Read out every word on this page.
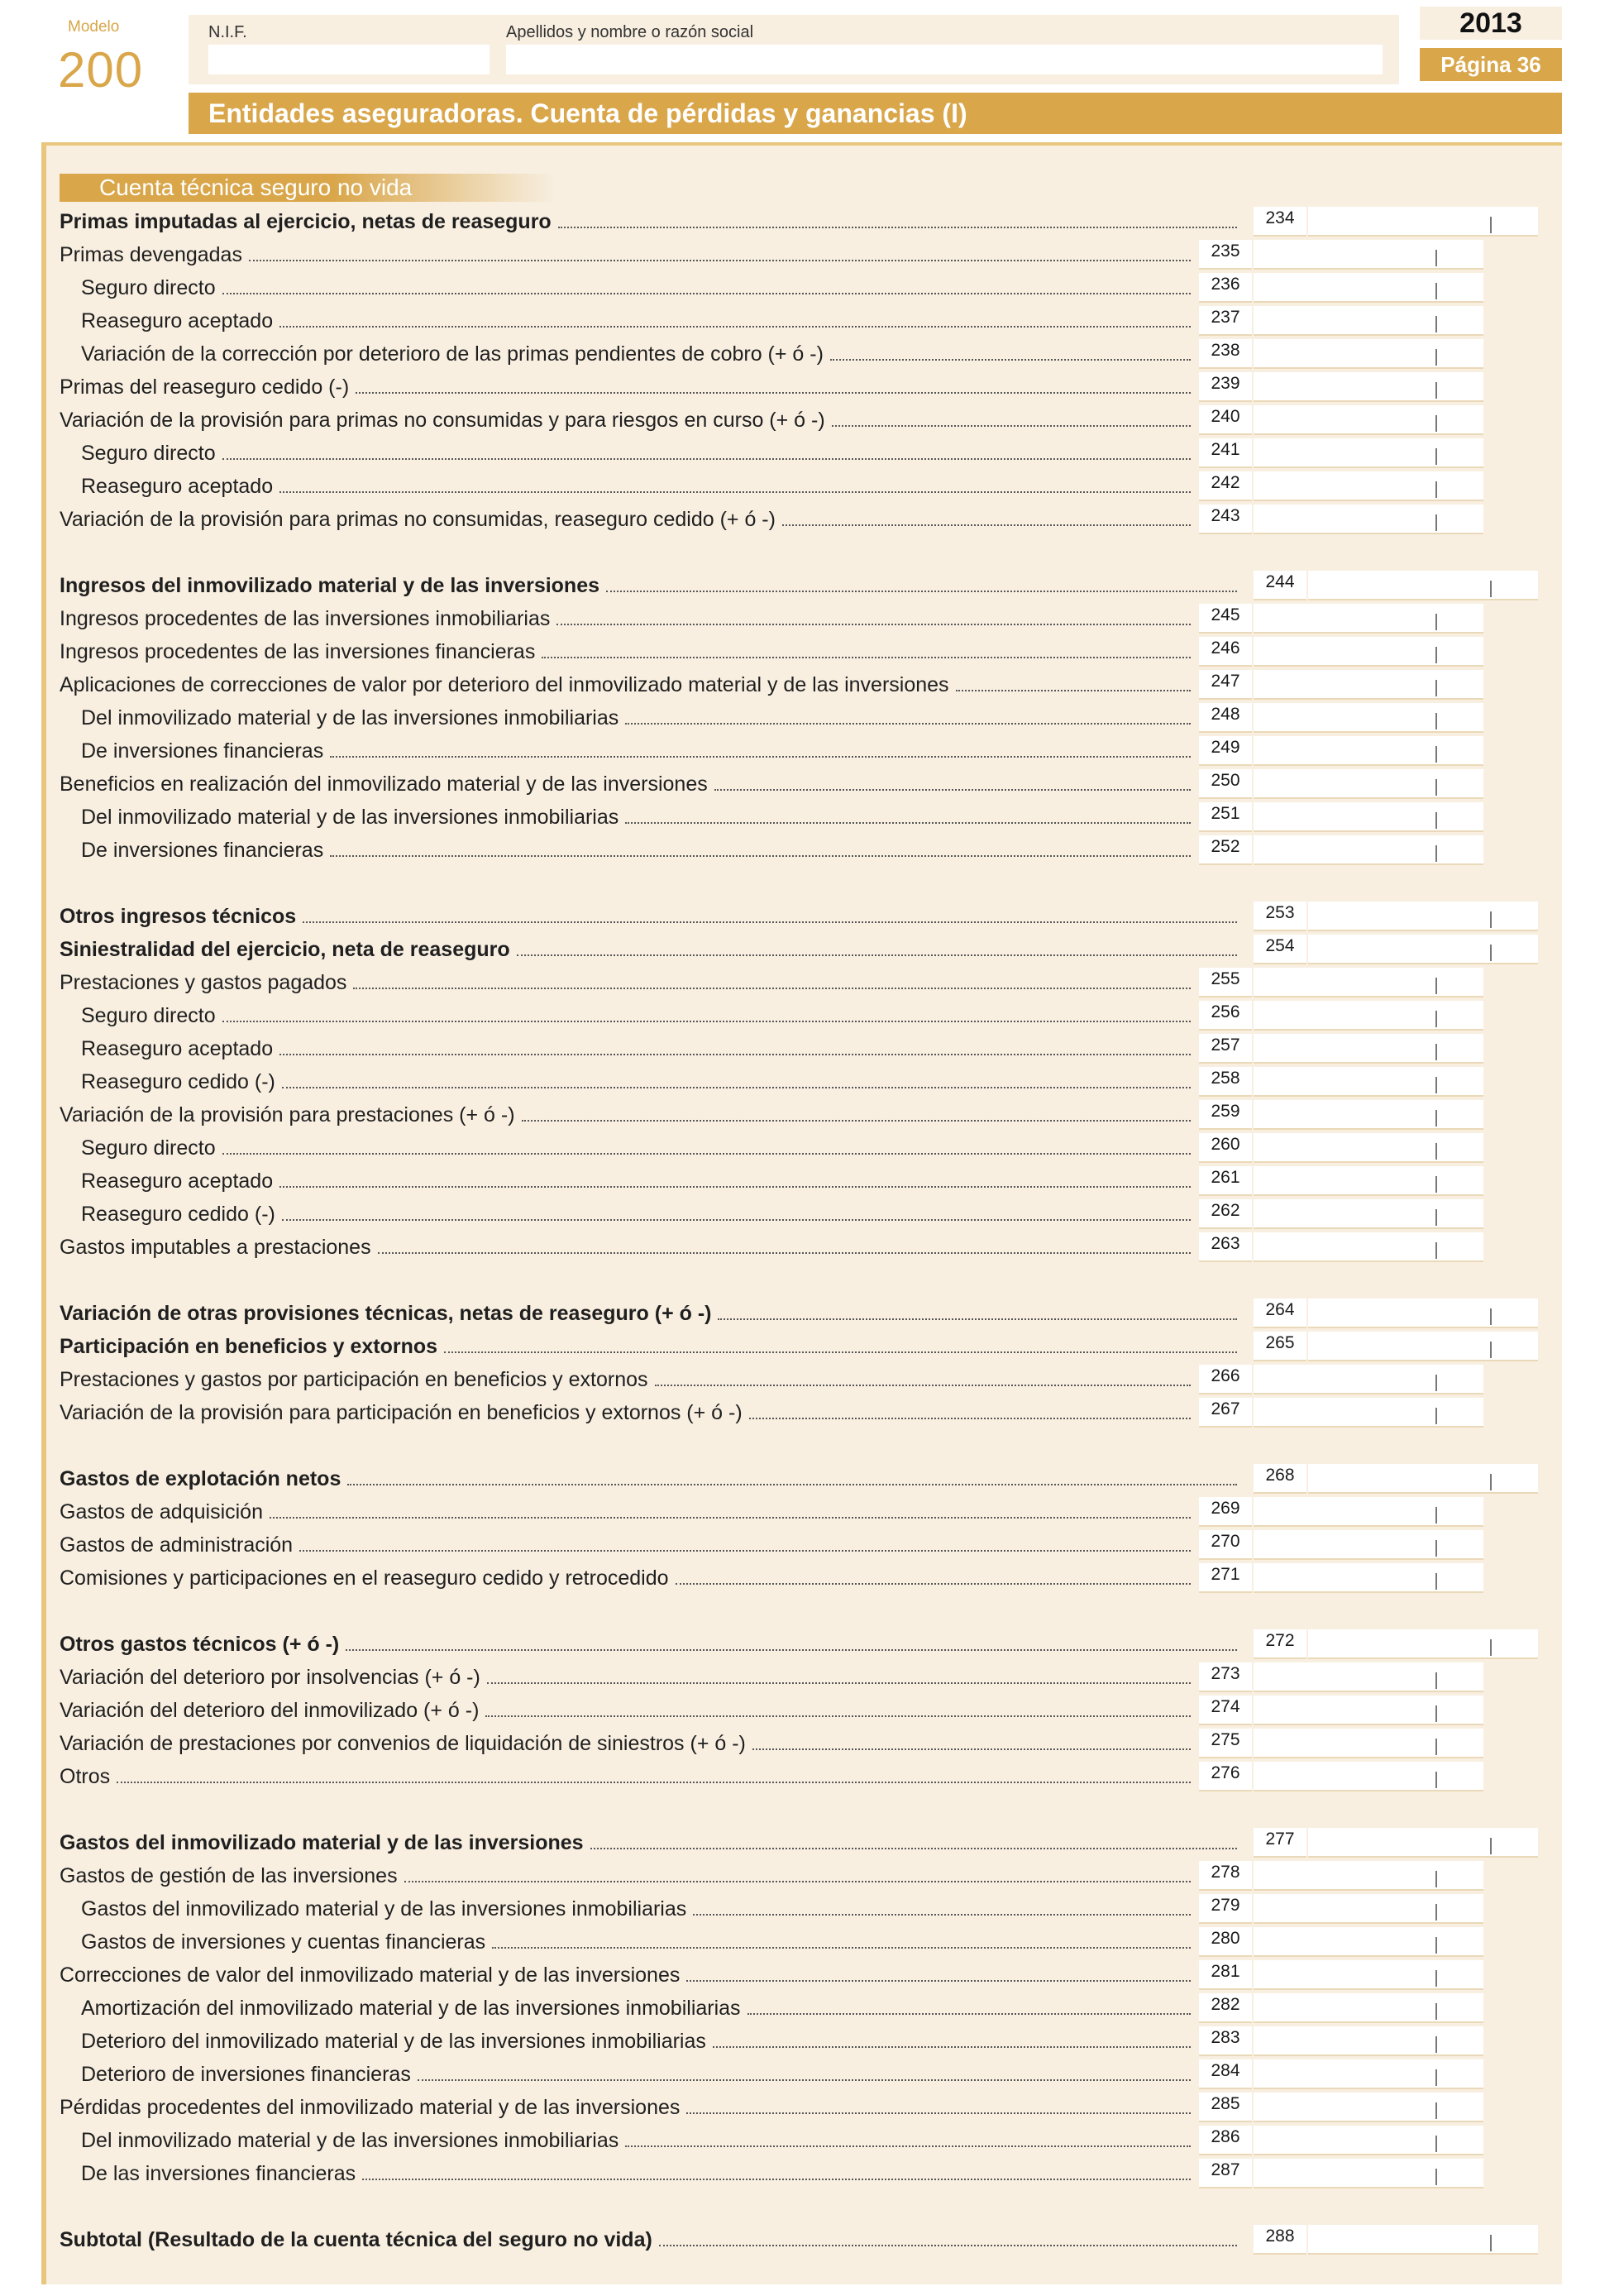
Modelo
200
N.I.F.	Apellidos y nombre o razón social	2013
Página 36
Entidades aseguradoras. Cuenta de pérdidas y ganancias (I)
Cuenta técnica seguro no vida
Primas imputadas al ejercicio, netas de reaseguro	234
Primas devengadas	235
Seguro directo	236
Reaseguro aceptado	237
Variación de la corrección por deterioro de las primas pendientes de cobro (+ ó -)	238
Primas del reaseguro cedido (-)	239
Variación de la provisión para primas no consumidas y para riesgos en curso (+ ó -)	240
Seguro directo	241
Reaseguro aceptado	242
Variación de la provisión para primas no consumidas, reaseguro cedido (+ ó -)	243
Ingresos del inmovilizado material y de las inversiones	244
Ingresos procedentes de las inversiones inmobiliarias	245
Ingresos procedentes de las inversiones financieras	246
Aplicaciones de correcciones de valor por deterioro del inmovilizado material y de las inversiones	247
Del inmovilizado material y de las inversiones inmobiliarias	248
De inversiones financieras	249
Beneficios en realización del inmovilizado material y de las inversiones	250
Del inmovilizado material y de las inversiones inmobiliarias	251
De inversiones financieras	252
Otros ingresos técnicos	253
Siniestralidad del ejercicio, neta de reaseguro	254
Prestaciones y gastos pagados	255
Seguro directo	256
Reaseguro aceptado	257
Reaseguro cedido (-)	258
Variación de la provisión para prestaciones (+ ó -)	259
Seguro directo	260
Reaseguro aceptado	261
Reaseguro cedido (-)	262
Gastos imputables a prestaciones	263
Variación de otras provisiones técnicas, netas de reaseguro (+ ó -)	264
Participación en beneficios y extornos	265
Prestaciones y gastos por participación en beneficios y extornos	266
Variación de la provisión para participación en beneficios y extornos (+ ó -)	267
Gastos de explotación netos	268
Gastos de adquisición	269
Gastos de administración	270
Comisiones y participaciones en el reaseguro cedido y retrocedido	271
Otros gastos técnicos (+ ó -)	272
Variación del deterioro por insolvencias (+ ó -)	273
Variación del deterioro del inmovilizado (+ ó -)	274
Variación de prestaciones por convenios de liquidación de siniestros (+ ó -)	275
Otros	276
Gastos del inmovilizado material y de las inversiones	277
Gastos de gestión de las inversiones	278
Gastos del inmovilizado material y de las inversiones inmobiliarias	279
Gastos de inversiones y cuentas financieras	280
Correcciones de valor del inmovilizado material y de las inversiones	281
Amortización del inmovilizado material y de las inversiones inmobiliarias	282
Deterioro del inmovilizado material y de las inversiones inmobiliarias	283
Deterioro de inversiones financieras	284
Pérdidas procedentes del inmovilizado material y de las inversiones	285
Del inmovilizado material y de las inversiones inmobiliarias	286
De las inversiones financieras	287
Subtotal (Resultado de la cuenta técnica del seguro no vida)	288
